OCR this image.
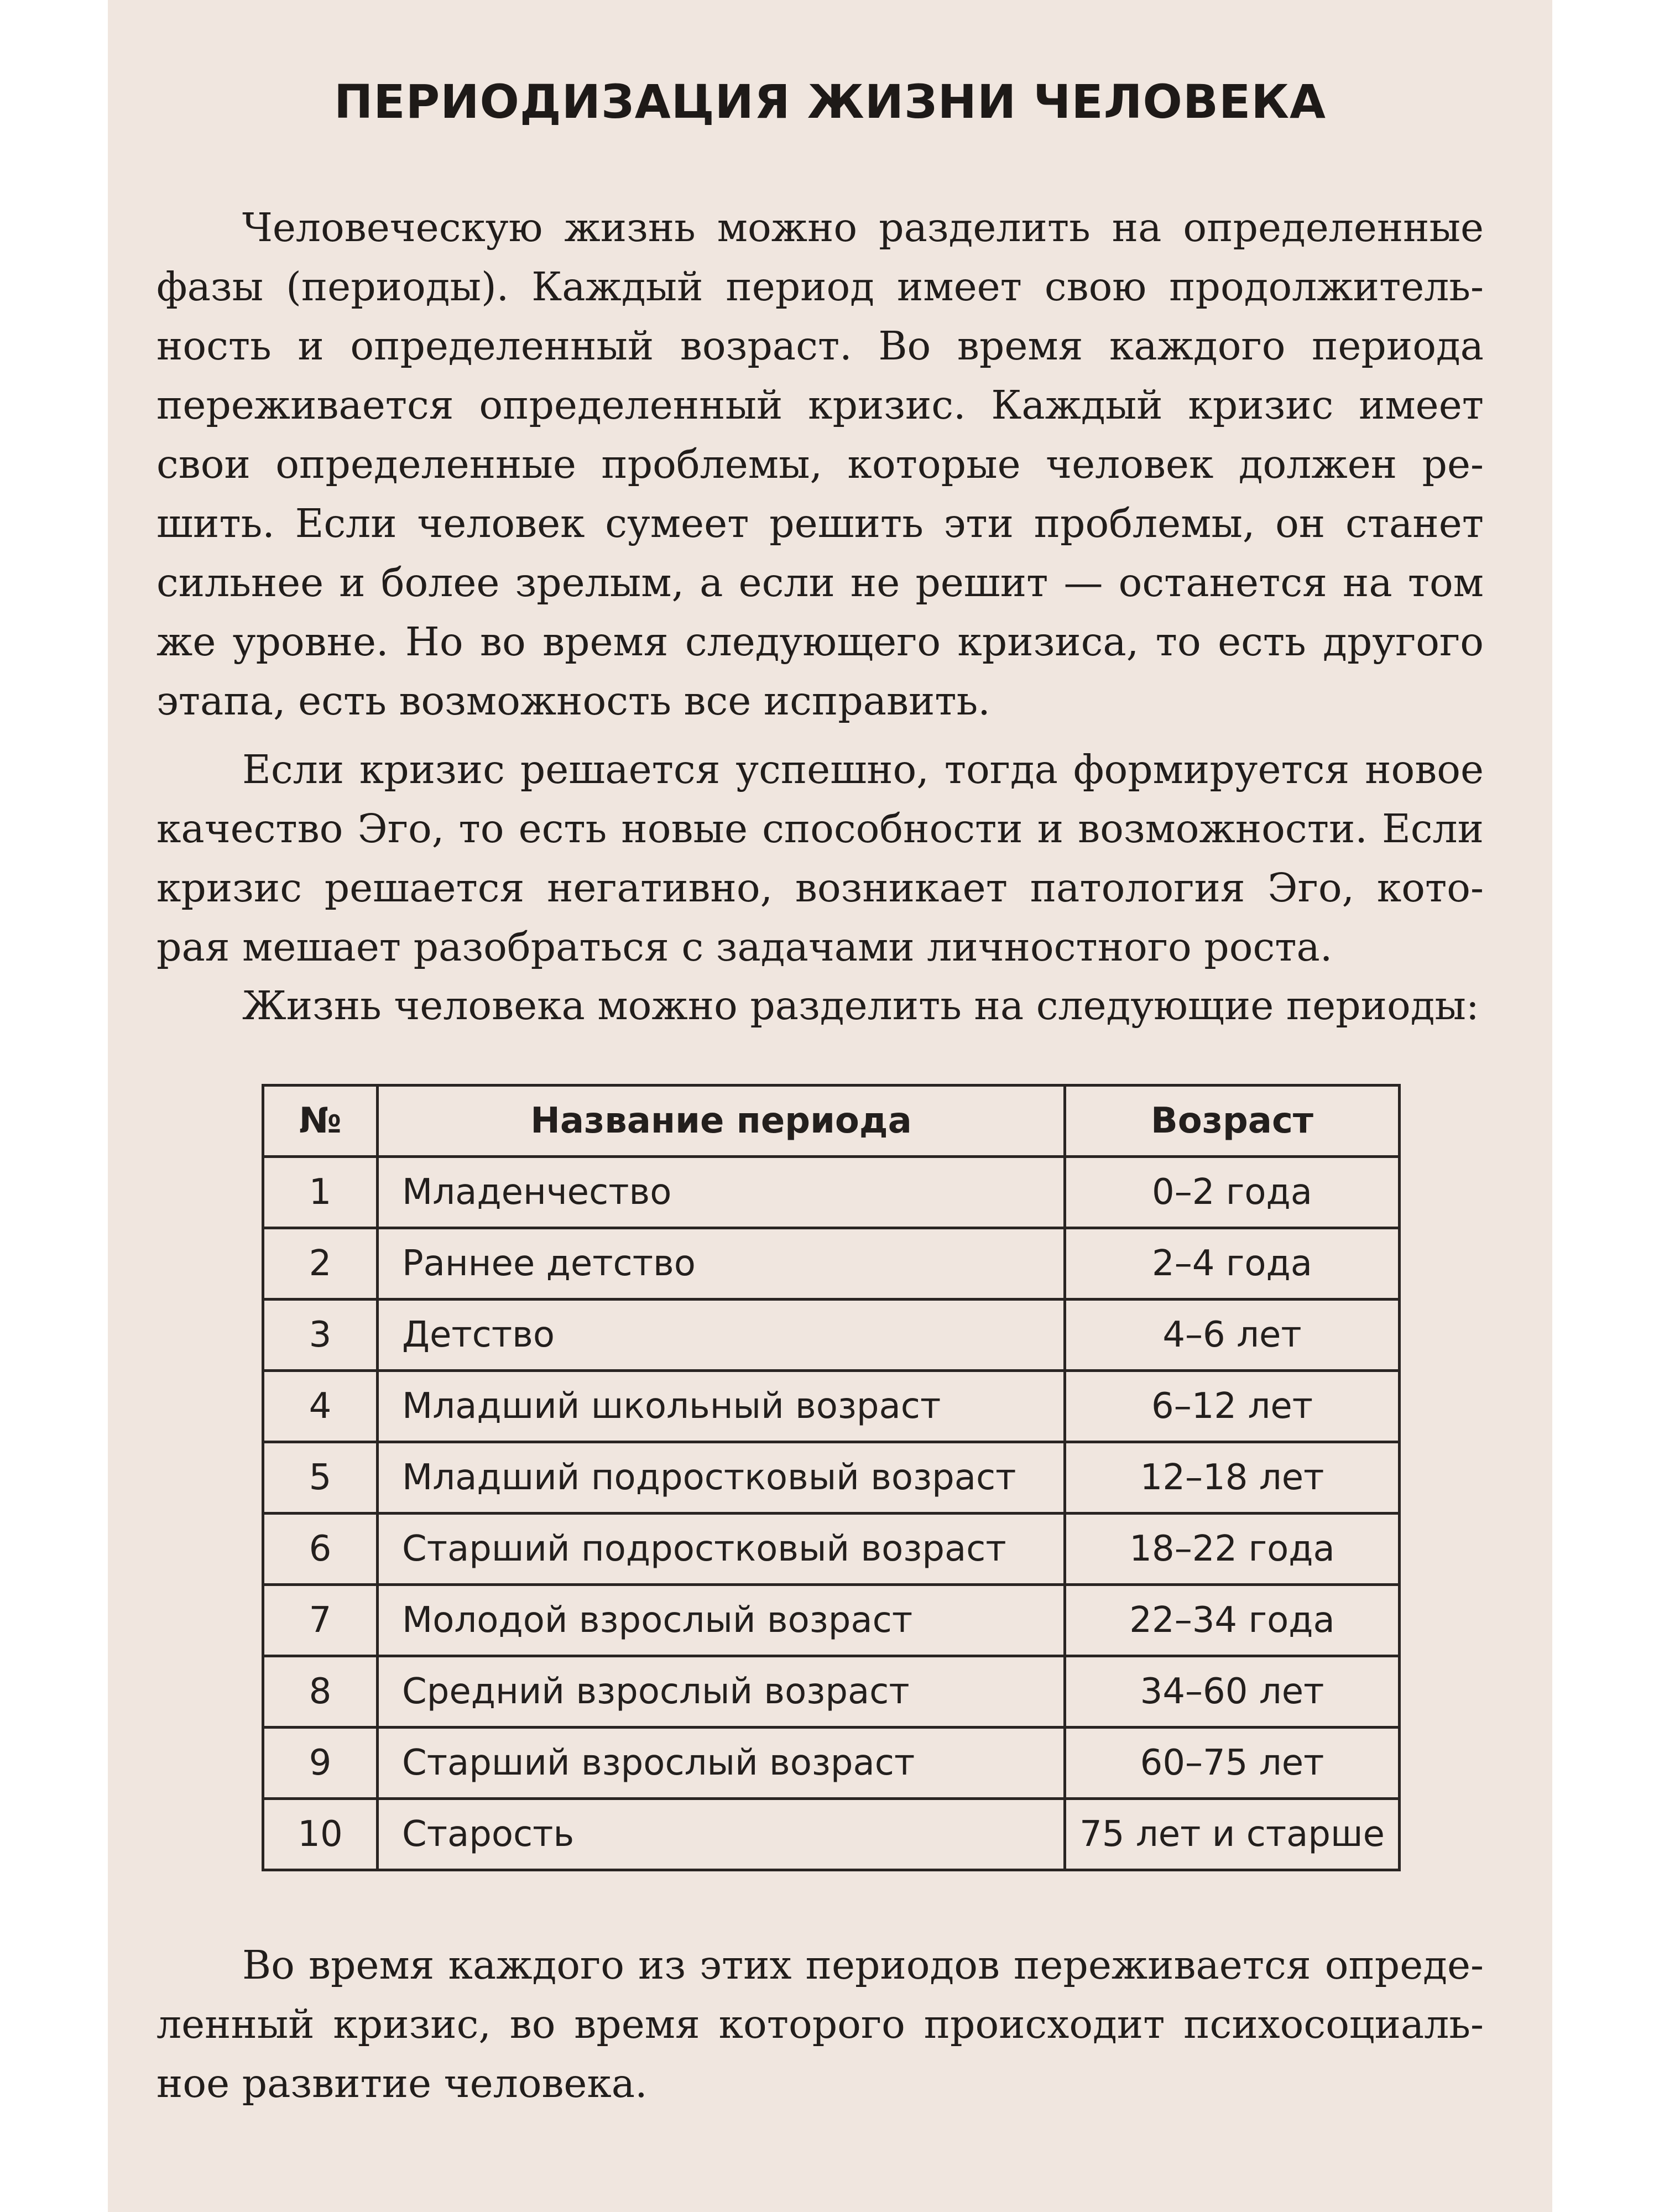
ПЕРИОДИЗАЦИЯ ЖИЗНИ ЧЕЛОВЕКА

Человеческую жизнь можно разделить на определенные
фазы (периоды). Каждый период имеет свою продолжитель-
ность и определенный возраст. Во время каждого периода
переживается определенный кризис. Каждый кризис имеет
свои определенные проблемы, которые человек должен ре-
шить. Если человек сумеет решить эти проблемы, он станет
сильнее и более зрелым, а если не решит — останется на том
же уровне. Но во время следующего кризиса, то есть другого
этапа, есть возможность все исправить.

Если кризис решается успешно, тогда формируется новое
качество Эго, то есть новые способности и возможности. Если
кризис решается негативно, возникает патология Эго, кото-
рая мешает разобраться с задачами личностного роста.

Жизнь человека можно разделить на следующие периоды:

№	Название периода	Возраст
1	Младенчество	0–2 года
2	Раннее детство	2–4 года
3	Детство	4–6 лет
4	Младший школьный возраст	6–12 лет
5	Младший подростковый возраст	12–18 лет
6	Старший подростковый возраст	18–22 года
7	Молодой взрослый возраст	22–34 года
8	Средний взрослый возраст	34–60 лет
9	Старший взрослый возраст	60–75 лет
10	Старость	75 лет и старше

Во время каждого из этих периодов переживается опреде-
ленный кризис, во время которого происходит психосоциаль-
ное развитие человека.
